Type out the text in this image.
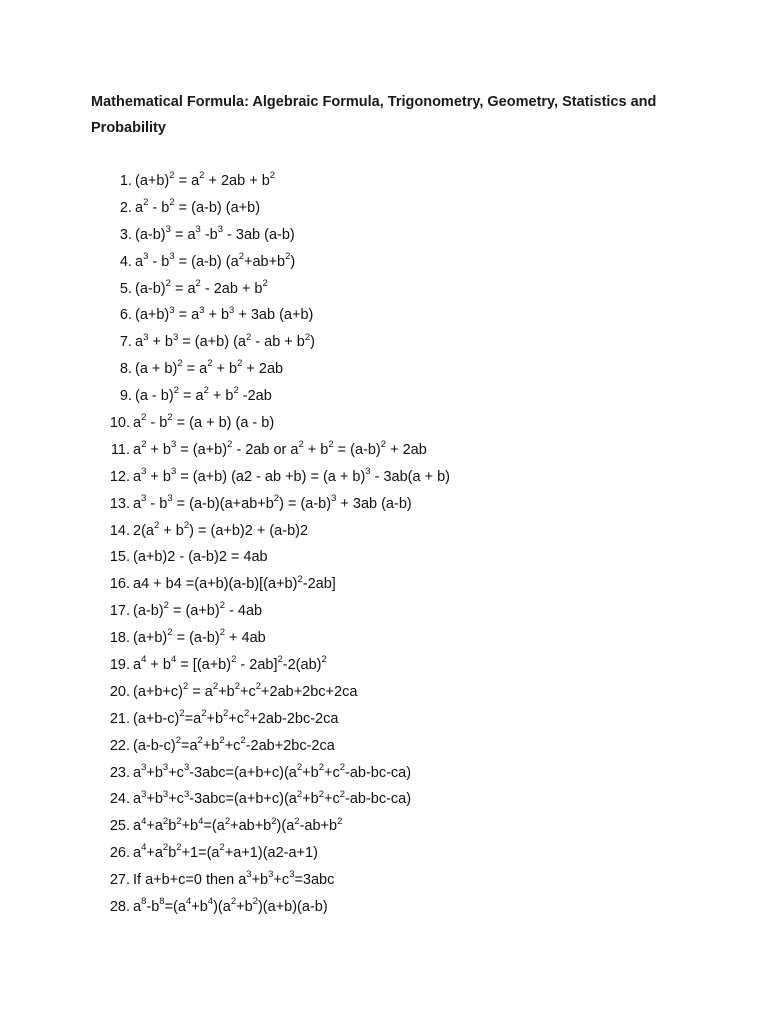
Mathematical Formula: Algebraic Formula, Trigonometry, Geometry, Statistics and Probability
1. $(a+b)^2 = a^2 + 2ab + b^2$
2. $a^2 - b^2 = (a-b)$ (a+b)
3. $(a-b)^3 = a^3$ $-b^3 - 3ab$ (a-b)
4. $a^3 - b^3 = (a-b)$ $(a^2+ab+b^2)$
5. $(a-b)^2 = a^2 - 2ab + b^2$
6. $(a+b)^3 = a^3 + b^3 + 3ab$ (a+b)
7. $a^3 + b^3 = (a+b)$ ($a^2$ - ab + $b^2$)
8. $(a + b)^2 = a^2 + b^2 + 2ab$
9. $(a - b)^2 = a^2 + b^2$ -2ab
10. $a^2 - b^2 = (a + b)$ (a - b)
11. $a^2 + b^3 = (a+b)^2 - 2ab$ or $a^2 + b^2 = (a-b)^2 + 2ab$
12. $a^3 + b^3 = (a+b)$ (a2 - ab $+b) = (a + b)^3 - 3ab(a + b)$
13. $a^3 - b^3 = (a-b)(a+ab+b^2) = (a-b)^3 + 3ab$ (a-b)
14. $2(a^2 + b^2) = (a+b)2 + (a-b)2$
15. (a+b)2 - (a-b)2 = 4ab
16. $a4 + b4 =(a+b)(a-b)[(a+b)^2-2ab]$
17. $(a-b)^2 = (a+b)^2 - 4ab$
18. $(a+b)^2 = (a-b)^2 + 4ab$
19. $a^4 + b^4 = [(a+b)^2 - 2ab]^2-2(ab)^2$
20. $(a+b+c)^2 = a^2+b^2+c^2+2ab+2bc+2ca$
21. $(a+b-c)^2=a^2+b^2+c^2+2ab-2bc-2ca$
22. $(a-b-c)^2=a^2+b^2+c^2-2ab+2bc-2ca$
23. $a^3+b^3+c^3-3abc=(a+b+c)(a^2+b^2+c^2-ab-bc-ca)$
24. $a^3+b^3+c^3-3abc=(a+b+c)(a^2+b^2+c^2-ab-bc-ca)$
25. $a^4+a^2b^2+b^4=(a^2+ab+b^2)(a^2-ab+b^2$
26. $a^4+a^2b^2+1=(a^2+a+1)(a2-a+1)$
27. If a+b+c=0 then $a^3+b^3+c^3=3abc$
28. $a^8-b^8=(a^4+b^4)(a^2+b^2)(a+b)(a-b)$
